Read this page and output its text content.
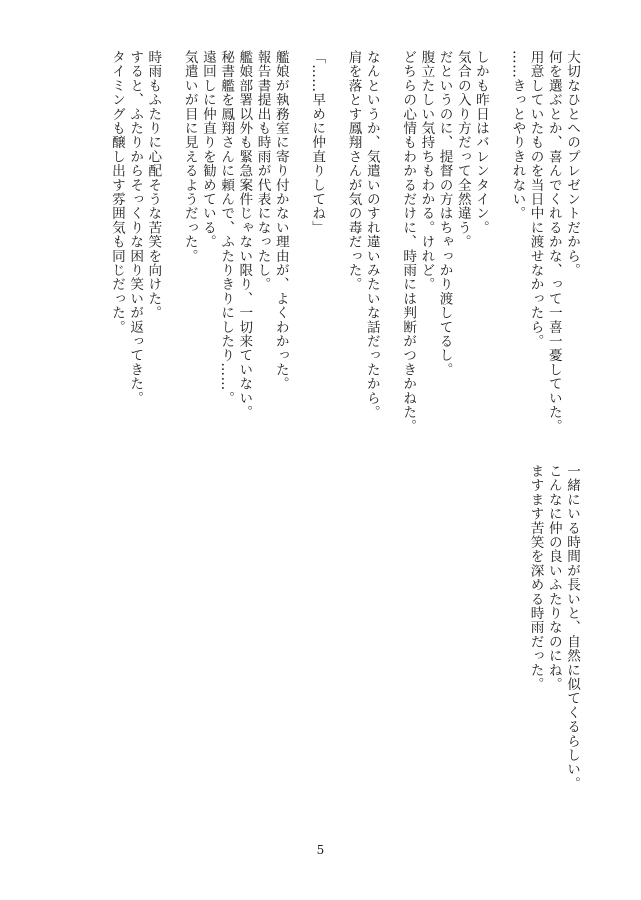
大切なひとへのプレゼントだから。
何を選ぶとか、喜んでくれるかな、って一喜一憂していた。
用意していたものを当日中に渡せなかったら。
……きっとやりきれない。

しかも昨日はバレンタイン。
気合の入り方だって全然違う。
だというのに、提督の方はちゃっかり渡してるし。
腹立たしい気持ちもわかる。けれど。
どちらの心情もわかるだけに、時雨には判断がつきかねた。

なんというか、気遣いのすれ違いみたいな話だったから。
肩を落とす鳳翔さんが気の毒だった。

「……早めに仲直りしてね」

艦娘が執務室に寄り付かない理由が、よくわかった。
報告書提出も時雨が代表になったし。
艦娘部署以外も緊急案件じゃない限り、一切来ていない。
秘書艦を鳳翔さんに頼んで、ふたりきりにしたり……。
遠回しに仲直りを勧めている。
気遣いが目に見えるようだった。

時雨もふたりに心配そうな苦笑を向けた。
すると、ふたりからそっくりな困り笑いが返ってきた。
タイミングも醸し出す雰囲気も同じだった。
一緒にいる時間が長いと、自然に似てくるらしい。
こんなに仲の良いふたりなのにね。
ますます苦笑を深める時雨だった。
5
